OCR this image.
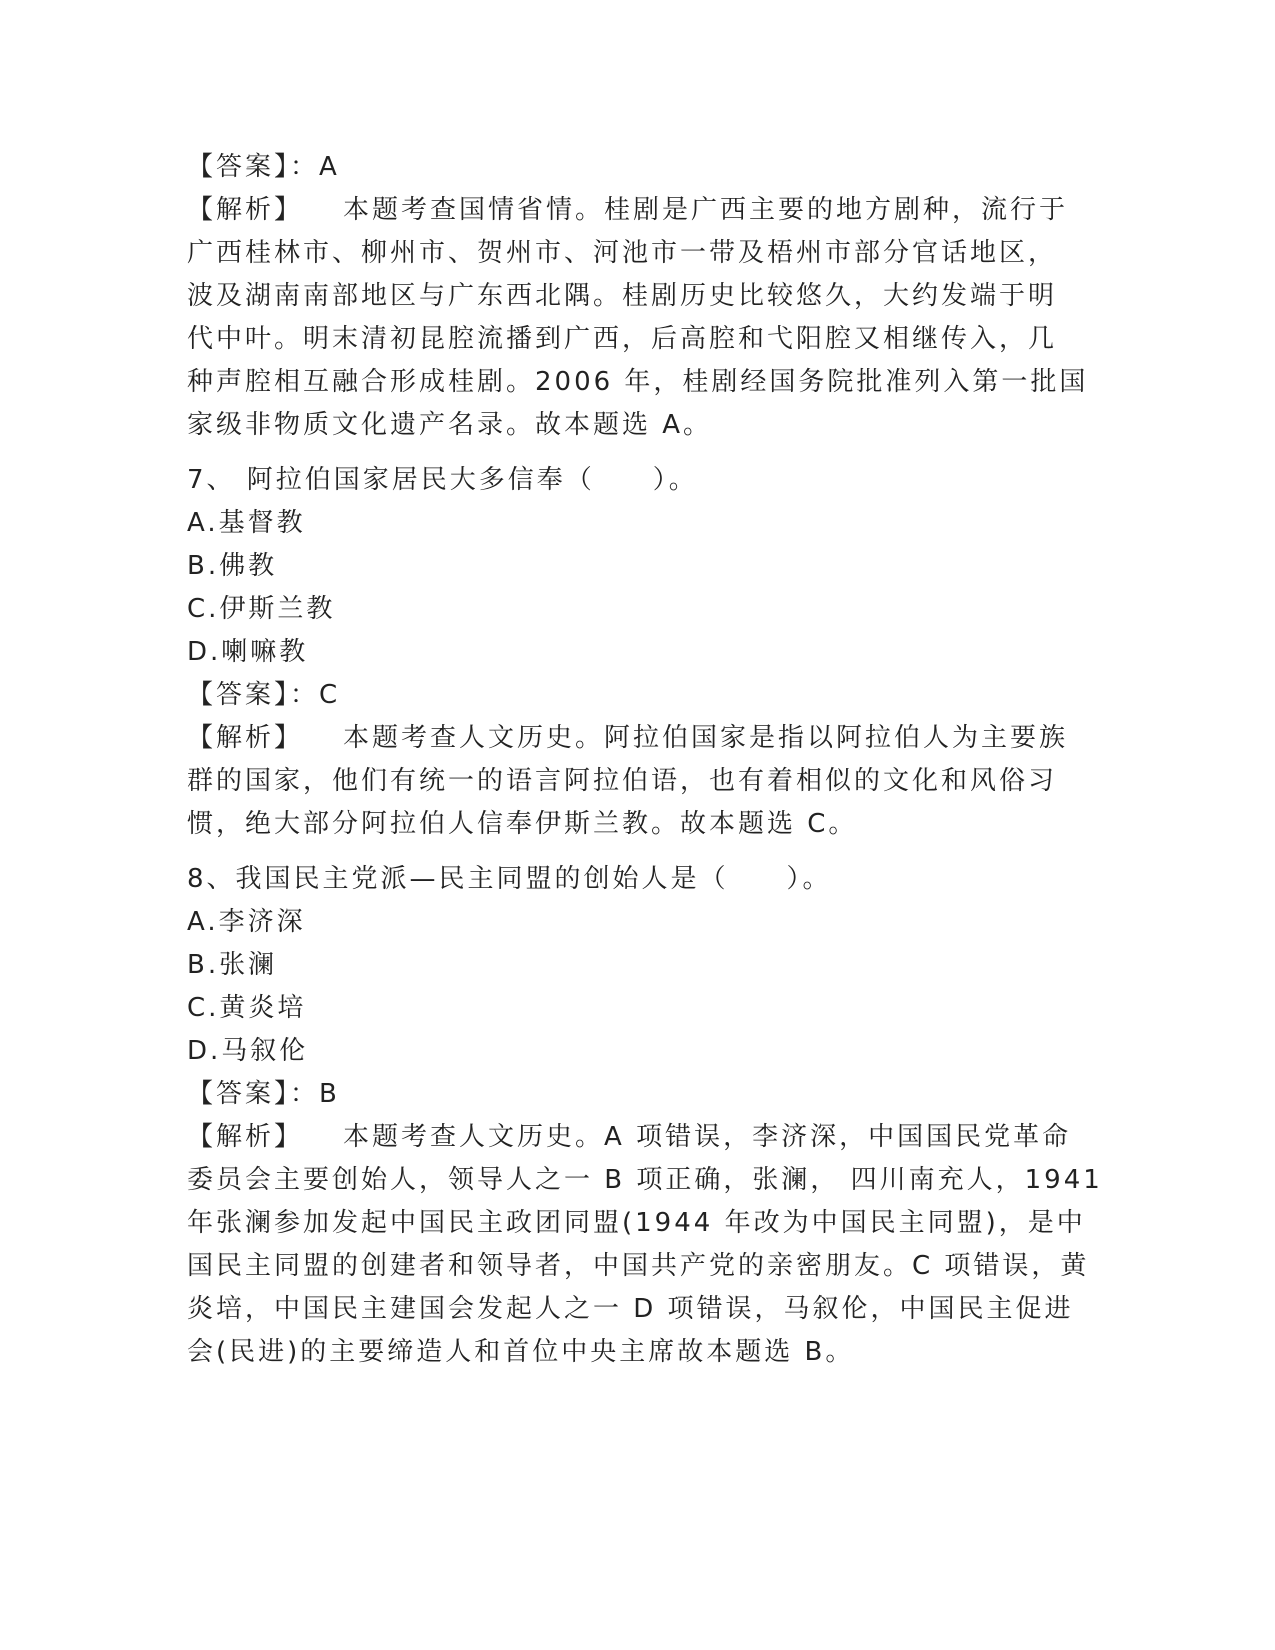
【答案】：A
【解析】 本题考查国情省情。桂剧是广西主要的地方剧种，流行于
广西桂林市、柳州市、贺州市、河池市一带及梧州市部分官话地区，
波及湖南南部地区与广东西北隅。桂剧历史比较悠久，大约发端于明
代中叶。明末清初昆腔流播到广西，后高腔和弋阳腔又相继传入，几
种声腔相互融合形成桂剧。2006 年，桂剧经国务院批准列入第一批国
家级非物质文化遗产名录。故本题选 A。
7、 阿拉伯国家居民大多信奉（　　）。
A.基督教
B.佛教
C.伊斯兰教
D.喇嘛教
【答案】：C
【解析】 本题考查人文历史。阿拉伯国家是指以阿拉伯人为主要族
群的国家，他们有统一的语言阿拉伯语，也有着相似的文化和风俗习
惯，绝大部分阿拉伯人信奉伊斯兰教。故本题选 C。
8、我国民主党派—民主同盟的创始人是（　　）。
A.李济深
B.张澜
C.黄炎培
D.马叙伦
【答案】：B
【解析】 本题考查人文历史。A 项错误，李济深，中国国民党革命
委员会主要创始人，领导人之一 B 项正确，张澜， 四川南充人，1941
年张澜参加发起中国民主政团同盟(1944 年改为中国民主同盟)，是中
国民主同盟的创建者和领导者，中国共产党的亲密朋友。C 项错误，黄
炎培，中国民主建国会发起人之一 D 项错误，马叙伦，中国民主促进
会(民进)的主要缔造人和首位中央主席故本题选 B。
